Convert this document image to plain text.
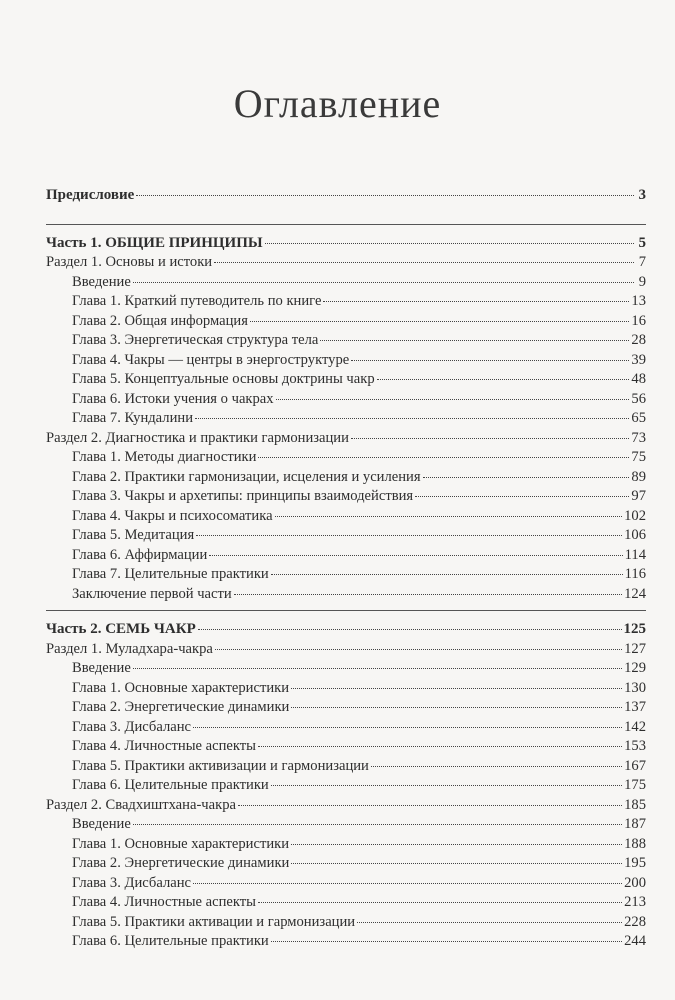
Оглавление
Предисловие	3
Часть 1. ОБЩИЕ ПРИНЦИПЫ	5
Раздел 1. Основы и истоки	7
Введение	9
Глава 1. Краткий путеводитель по книге	13
Глава 2. Общая информация	16
Глава 3. Энергетическая структура тела	28
Глава 4. Чакры — центры в энергоструктуре	39
Глава 5. Концептуальные основы доктрины чакр	48
Глава 6. Истоки учения о чакрах	56
Глава 7. Кундалини	65
Раздел 2. Диагностика и практики гармонизации	73
Глава 1. Методы диагностики	75
Глава 2. Практики гармонизации, исцеления и усиления	89
Глава 3. Чакры и архетипы: принципы взаимодействия	97
Глава 4. Чакры и психосоматика	102
Глава 5. Медитация	106
Глава 6. Аффирмации	114
Глава 7. Целительные практики	116
Заключение первой части	124
Часть 2. СЕМЬ ЧАКР	125
Раздел 1. Муладхара-чакра	127
Введение	129
Глава 1. Основные характеристики	130
Глава 2. Энергетические динамики	137
Глава 3. Дисбаланс	142
Глава 4. Личностные аспекты	153
Глава 5. Практики активизации и гармонизации	167
Глава 6. Целительные практики	175
Раздел 2. Свадхиштхана-чакра	185
Введение	187
Глава 1. Основные характеристики	188
Глава 2. Энергетические динамики	195
Глава 3. Дисбаланс	200
Глава 4. Личностные аспекты	213
Глава 5. Практики активации и гармонизации	228
Глава 6. Целительные практики	244
